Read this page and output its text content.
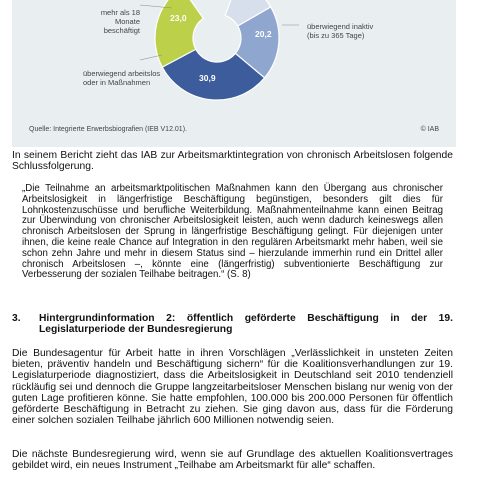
mehr als 18 Monate
beschäftigt
überwiegend arbeitslos
oder in Maßnahmen
überwiegend inaktiv
(bis zu 365 Tage)
23,0
30,9
20,2
Quelle: Integrierte Erwerbsbiografien (IEB V12.01).	© IAB
In seinem Bericht zieht das IAB zur Arbeitsmarktintegration von chronisch Arbeitslosen folgende Schlussfolgerung.
„Die Teilnahme an arbeitsmarktpolitischen Maßnahmen kann den Übergang aus chronischer Arbeitslosigkeit in längerfristige Beschäftigung begünstigen, besonders gilt dies für Lohnkostenzuschüsse und berufliche Weiterbildung. Maßnahmenteilnahme kann einen Beitrag zur Überwindung von chronischer Arbeitslosigkeit leisten, auch wenn dadurch keineswegs allen chronisch Arbeitslosen der Sprung in längerfristige Beschäftigung gelingt. Für diejenigen unter ihnen, die keine reale Chance auf Integration in den regulären Arbeitsmarkt mehr haben, weil sie schon zehn Jahre und mehr in diesem Status sind – hierzulande immerhin rund ein Drittel aller chronisch Arbeitslosen –, könnte eine (längerfristig) subventionierte Beschäftigung zur Verbesserung der sozialen Teilhabe beitragen.“ (S. 8)
3. Hintergrundinformation 2: öffentlich geförderte Beschäftigung in der 19. Legislaturperiode der Bundesregierung
Die Bundesagentur für Arbeit hatte in ihren Vorschlägen „Verlässlichkeit in unsteten Zeiten bieten, präventiv handeln und Beschäftigung sichern“ für die Koalitionsverhandlungen zur 19. Legislaturperiode diagnostiziert, dass die Arbeitslosigkeit in Deutschland seit 2010 tendenziell rückläufig sei und dennoch die Gruppe langzeitarbeitsloser Menschen bislang nur wenig von der guten Lage profitieren könne. Sie hatte empfohlen, 100.000 bis 200.000 Personen für öffentlich geförderte Beschäftigung in Betracht zu ziehen. Sie ging davon aus, dass für die Förderung einer solchen sozialen Teilhabe jährlich 600 Millionen notwendig seien.
Die nächste Bundesregierung wird, wenn sie auf Grundlage des aktuellen Koalitionsvertrages gebildet wird, ein neues Instrument „Teilhabe am Arbeitsmarkt für alle“ schaffen.
